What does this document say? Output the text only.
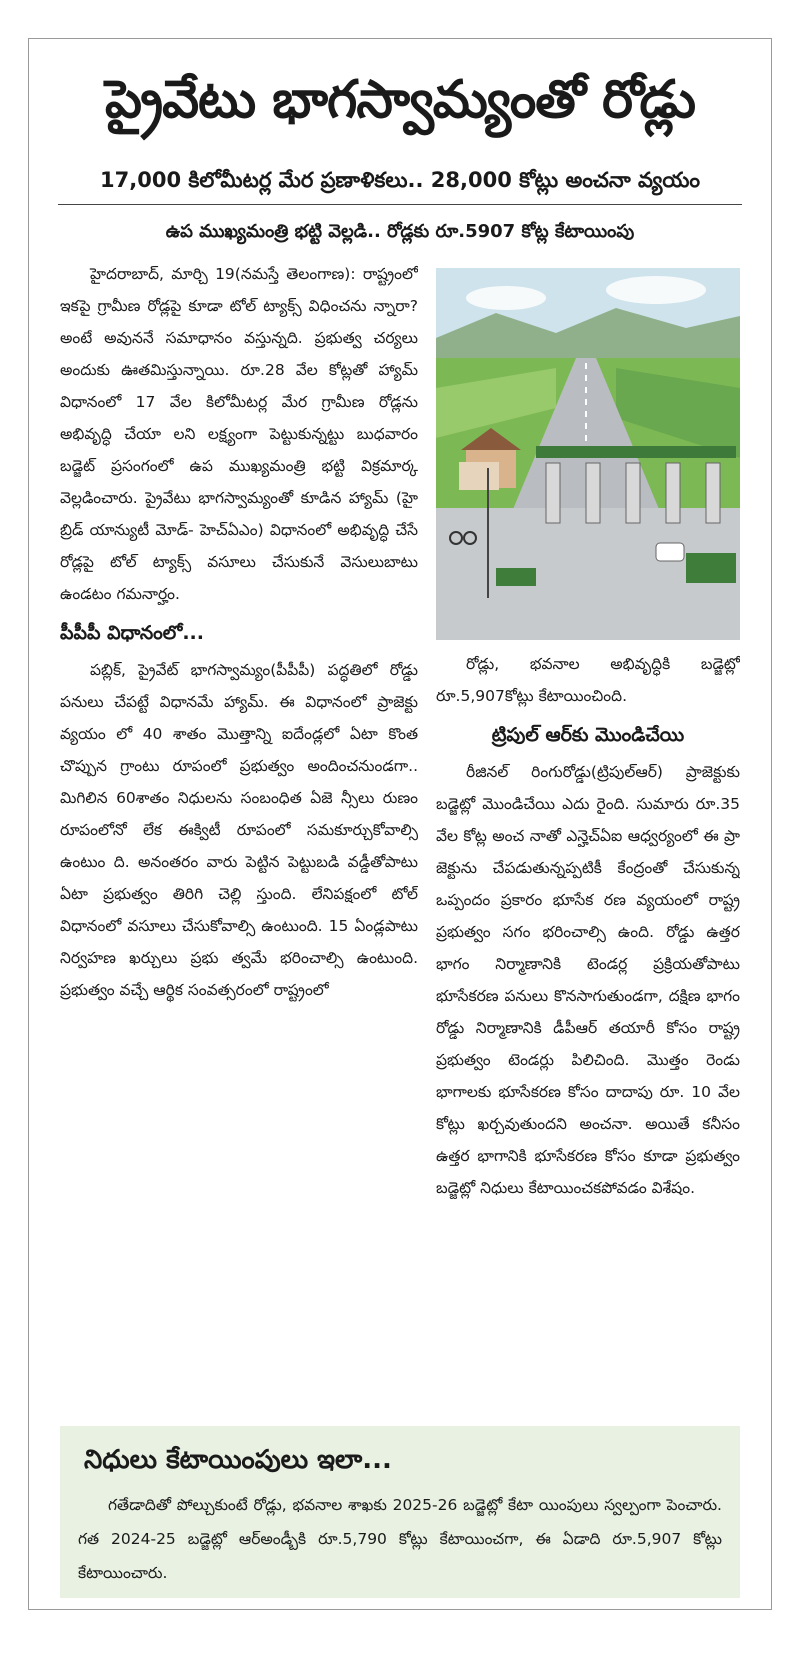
ప్రైవేటు భాగస్వామ్యంతో రోడ్లు
17,000 కిలోమీటర్ల మేర ప్రణాళికలు.. 28,000 కోట్లు అంచనా వ్యయం
ఉప ముఖ్యమంత్రి భట్టి వెల్లడి.. రోడ్లకు రూ.5907 కోట్ల కేటాయింపు

హైదరాబాద్, మార్చి 19(నమస్తే తెలంగాణ): రాష్ట్రంలో ఇకపై గ్రామీణ రోడ్లపై కూడా టోల్ ట్యాక్స్ విధించను న్నారా? అంటే అవుననే సమాధానం వస్తున్నది. ప్రభుత్వ చర్యలు అందుకు ఊతమిస్తున్నాయి. రూ.28 వేల కోట్లతో హ్యామ్ విధానంలో 17 వేల కిలోమీటర్ల మేర గ్రామీణ రోడ్లను అభివృద్ధి చేయా లని లక్ష్యంగా పెట్టుకున్నట్టు బుధవారం బడ్జెట్ ప్రసంగంలో ఉప ముఖ్యమంత్రి భట్టి విక్రమార్క వెల్లడించారు. ప్రైవేటు భాగస్వామ్యంతో కూడిన హ్యామ్ (హై బ్రిడ్ యాన్యుటీ మోడ్- హెచ్ఏఎం) విధానంలో అభివృద్ధి చేసే రోడ్లపై టోల్ ట్యాక్స్ వసూలు చేసుకునే వెసులుబాటు ఉండటం గమనార్హం.

పీపీపీ విధానంలో...

పబ్లిక్, ప్రైవేట్ భాగస్వామ్యం(పీపీపీ) పద్ధతిలో రోడ్డు పనులు చేపట్టే విధానమే హ్యామ్. ఈ విధానంలో ప్రాజెక్టు వ్యయం లో 40 శాతం మొత్తాన్ని ఐదేండ్లలో ఏటా కొంత చొప్పున గ్రాంటు రూపంలో ప్రభుత్వం అందించనుండగా.. మిగిలిన 60శాతం నిధులను సంబంధిత ఏజె న్సీలు రుణం రూపంలోనో లేక ఈక్విటీ రూపంలో సమకూర్చుకోవాల్సి ఉంటుం ది. అనంతరం వారు పెట్టిన పెట్టుబడి వడ్డీతోపాటు ఏటా ప్రభుత్వం తిరిగి చెల్లి స్తుంది. లేనిపక్షంలో టోల్ విధానంలో వసూలు చేసుకోవాల్సి ఉంటుంది. 15 ఏండ్లపాటు నిర్వహణ ఖర్చులు ప్రభు త్వమే భరించాల్సి ఉంటుంది. ప్రభుత్వం వచ్చే ఆర్థిక సంవత్సరంలో రాష్ట్రంలో

రోడ్లు, భవనాల అభివృద్ధికి బడ్జెట్లో రూ.5,907కోట్లు కేటాయించింది.

ట్రిపుల్ ఆర్‌కు మొండిచేయి

రీజినల్ రింగురోడ్డు(ట్రిపుల్ఆర్) ప్రాజెక్టుకు బడ్జెట్లో మొండిచేయి ఎదు రైంది. సుమారు రూ.35 వేల కోట్ల అంచ నాతో ఎన్హెచ్ఏఐ ఆధ్వర్యంలో ఈ ప్రా జెక్టును చేపడుతున్నప్పటికీ కేంద్రంతో చేసుకున్న ఒప్పందం ప్రకారం భూసేక రణ వ్యయంలో రాష్ట్ర ప్రభుత్వం సగం భరించాల్సి ఉంది. రోడ్డు ఉత్తర భాగం నిర్మాణానికి టెండర్ల ప్రక్రియతోపాటు భూసేకరణ పనులు కొనసాగుతుండగా, దక్షిణ భాగం రోడ్డు నిర్మాణానికి డీపీఆర్ తయారీ కోసం రాష్ట్ర ప్రభుత్వం టెండర్లు పిలిచింది. మొత్తం రెండు భాగాలకు భూసేకరణ కోసం దాదాపు రూ. 10 వేల కోట్లు ఖర్చవుతుందని అంచనా. అయితే కనీసం ఉత్తర భాగానికి భూసేకరణ కోసం కూడా ప్రభుత్వం బడ్జెట్లో నిధులు కేటాయించకపోవడం విశేషం.

నిధులు కేటాయింపులు ఇలా...

గతేడాదితో పోల్చుకుంటే రోడ్లు, భవనాల శాఖకు 2025-26 బడ్జెట్లో కేటా యింపులు స్వల్పంగా పెంచారు. గత 2024-25 బడ్జెట్లో ఆర్అండ్బీకి రూ.5,790 కోట్లు కేటాయించగా, ఈ ఏడాది రూ.5,907 కోట్లు కేటాయించారు.
